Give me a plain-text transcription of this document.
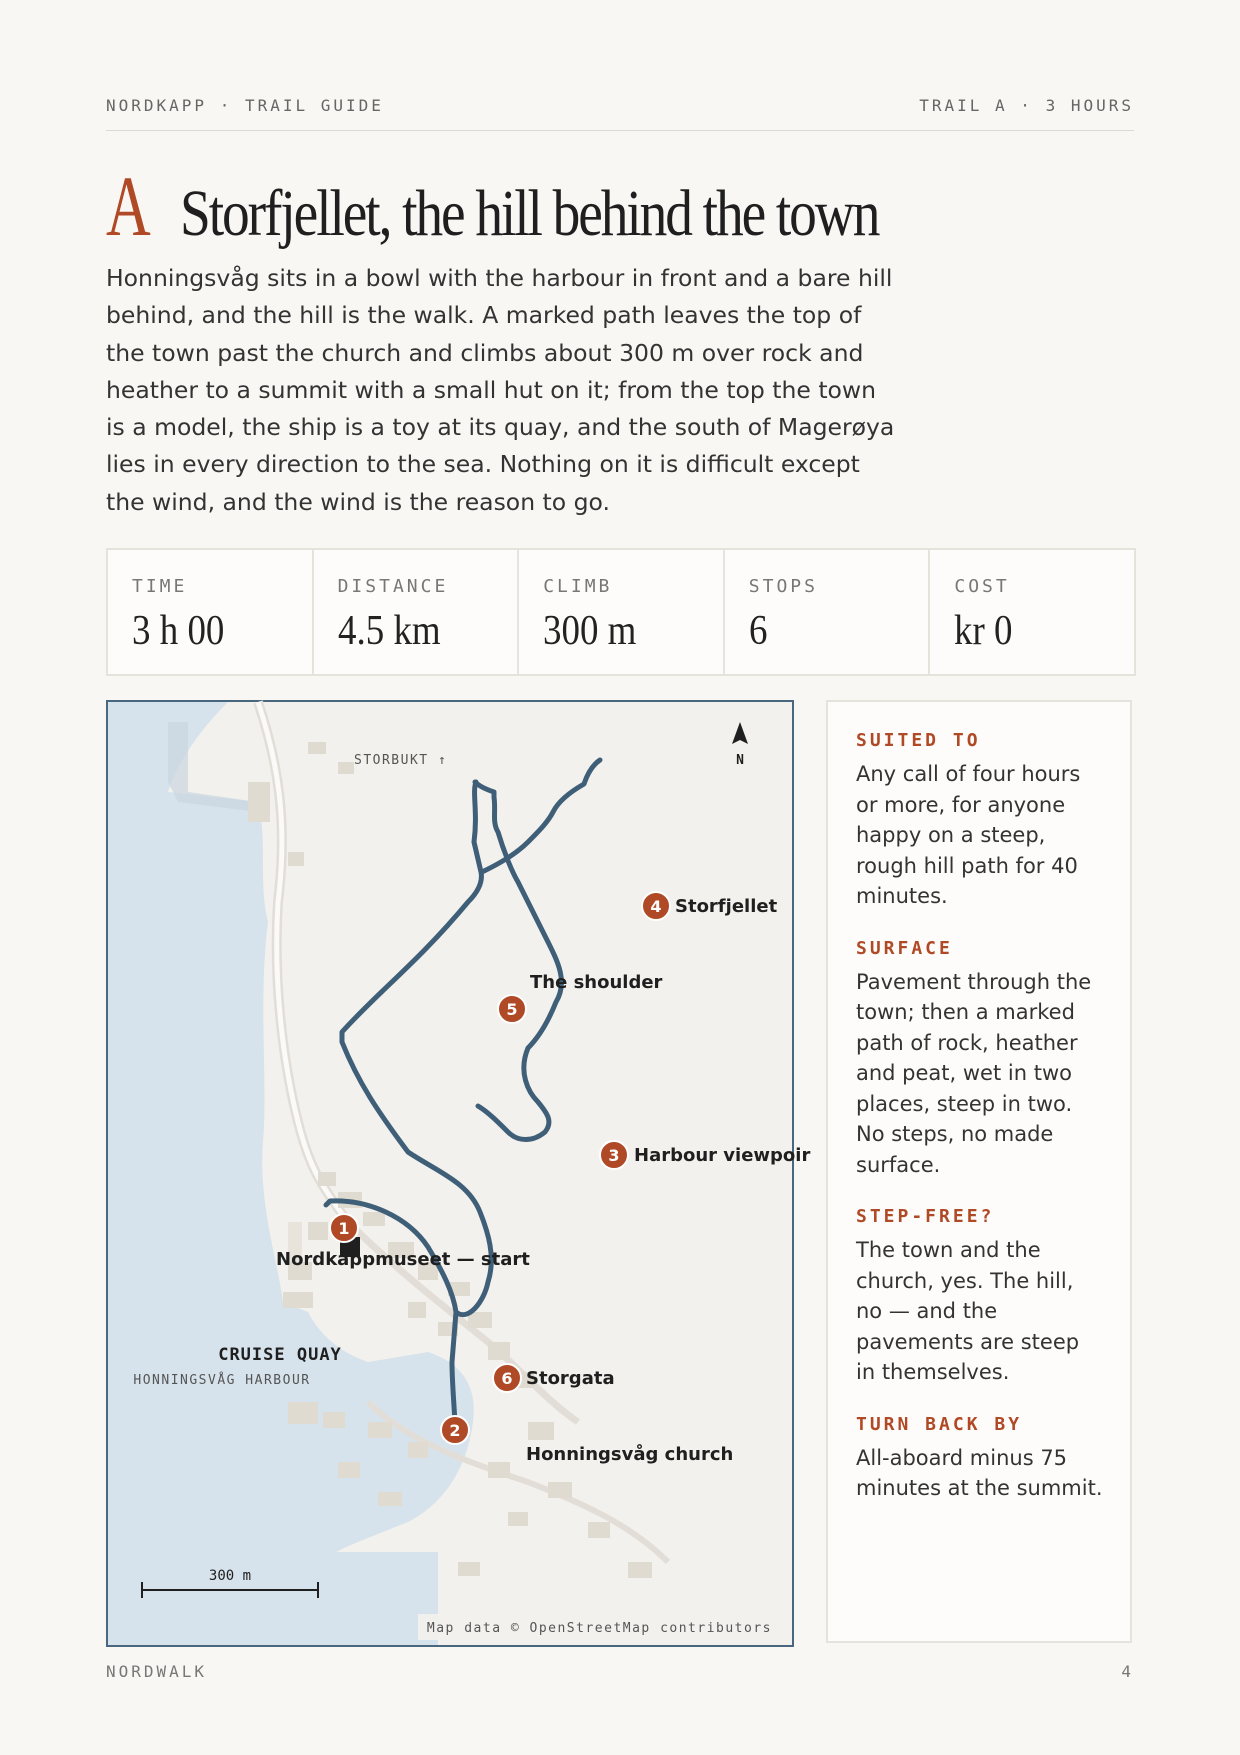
NORDKAPP · TRAIL GUIDE	TRAIL A · 3 HOURS
A Storfjellet, the hill behind the town

Honningsvåg sits in a bowl with the harbour in front and a bare hill behind, and the hill is the walk. A marked path leaves the top of the town past the church and climbs about 300 m over rock and heather to a summit with a small hut on it; from the top the town is a model, the ship is a toy at its quay, and the south of Magerøya lies in every direction to the sea. Nothing on it is difficult except the wind, and the wind is the reason to go.

TIME
3 h 00
DISTANCE
4.5 km
CLIMB
300 m
STOPS
6
COST
kr 0
1
Nordkappmuseet — start
2
Honningsvåg church
3 Harbour viewpoir
4 Storfjellet
5
The shoulder
6 Storgata
STORBUKT ↑	N
CRUISE QUAY
HONNINGSVÅG HARBOUR
300 m
Map data © OpenStreetMap contributors
SUITED TO

Any call of four hours or more, for anyone happy on a steep, rough hill path for 40 minutes.

SURFACE

Pavement through the town; then a marked path of rock, heather and peat, wet in two places, steep in two. No steps, no made surface.

STEP-FREE?

The town and the church, yes. The hill, no — and the pavements are steep in themselves.

TURN BACK BY

All-aboard minus 75 minutes at the summit.

NORDWALK	4
